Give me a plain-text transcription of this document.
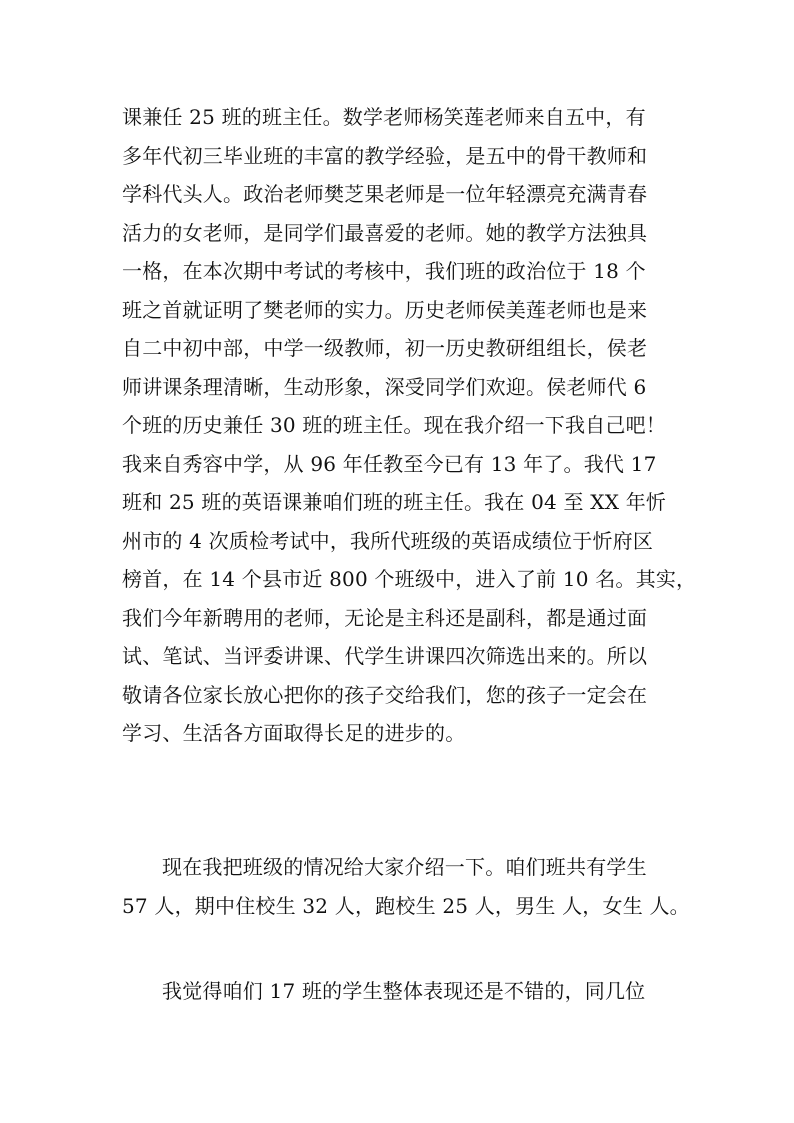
课兼任 25 班的班主任。数学老师杨笑莲老师来自五中，有
多年代初三毕业班的丰富的教学经验，是五中的骨干教师和
学科代头人。政治老师樊芝果老师是一位年轻漂亮充满青春
活力的女老师，是同学们最喜爱的老师。她的教学方法独具
一格，在本次期中考试的考核中，我们班的政治位于 18 个
班之首就证明了樊老师的实力。历史老师侯美莲老师也是来
自二中初中部，中学一级教师，初一历史教研组组长，侯老
师讲课条理清晰，生动形象，深受同学们欢迎。侯老师代 6
个班的历史兼任 30 班的班主任。现在我介绍一下我自己吧！
我来自秀容中学，从 96 年任教至今已有 13 年了。我代 17
班和 25 班的英语课兼咱们班的班主任。我在 04 至 XX 年忻
州市的 4 次质检考试中，我所代班级的英语成绩位于忻府区
榜首，在 14 个县市近 800 个班级中，进入了前 10 名。其实，
我们今年新聘用的老师，无论是主科还是副科，都是通过面
试、笔试、当评委讲课、代学生讲课四次筛选出来的。所以
敬请各位家长放心把你的孩子交给我们，您的孩子一定会在
学习、生活各方面取得长足的进步的。
现在我把班级的情况给大家介绍一下。咱们班共有学生
57 人，期中住校生 32 人，跑校生 25 人，男生 人，女生 人。
我觉得咱们 17 班的学生整体表现还是不错的，同几位
